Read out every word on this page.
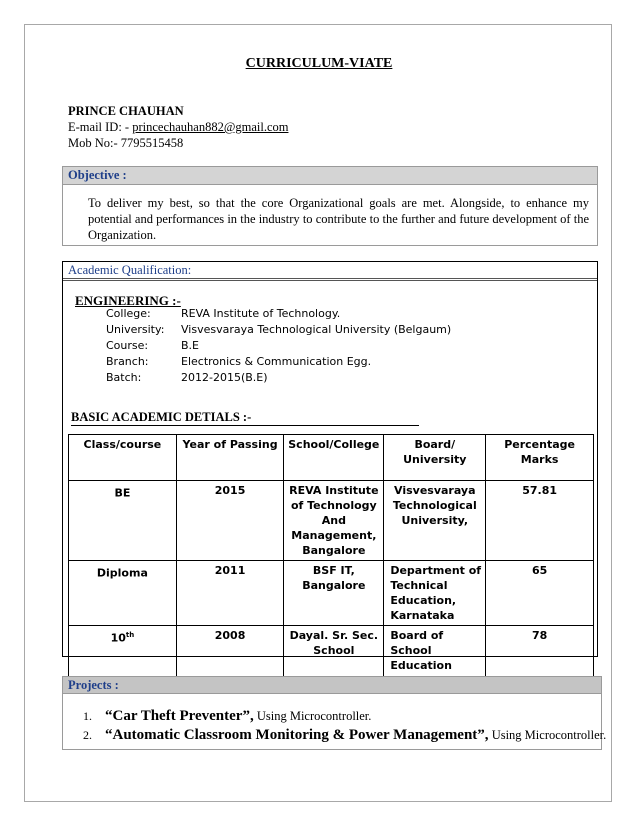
CURRICULUM-VIATE
PRINCE CHAUHAN
E-mail ID: - princechauhan882@gmail.com
Mob No:- 7795515458
Objective :
To deliver my best, so that the core Organizational goals are met. Alongside, to enhance my potential and performances in the industry to contribute to the further and future development of the Organization.
Academic Qualification:
ENGINEERING :-
College:	REVA Institute of Technology.
University: Visvesvaraya Technological University (Belgaum)
Course:	B.E
Branch:	Electronics & Communication Egg.
Batch:	2012-2015(B.E)
BASIC ACADEMIC DETIALS :-
Class/course	Year of Passing	School/College	Board/ University	Percentage Marks
BE	2015	REVA Institute of Technology And Management, Bangalore	Visvesvaraya Technological University,	57.81
Diploma	2011	BSF IT, Bangalore	Department of Technical Education, Karnataka	65
10th	2008	Dayal. Sr. Sec. School	Board of School Education	78
Projects :
1. “Car Theft Preventer”, Using Microcontroller.
2. “Automatic Classroom Monitoring & Power Management”, Using Microcontroller.
